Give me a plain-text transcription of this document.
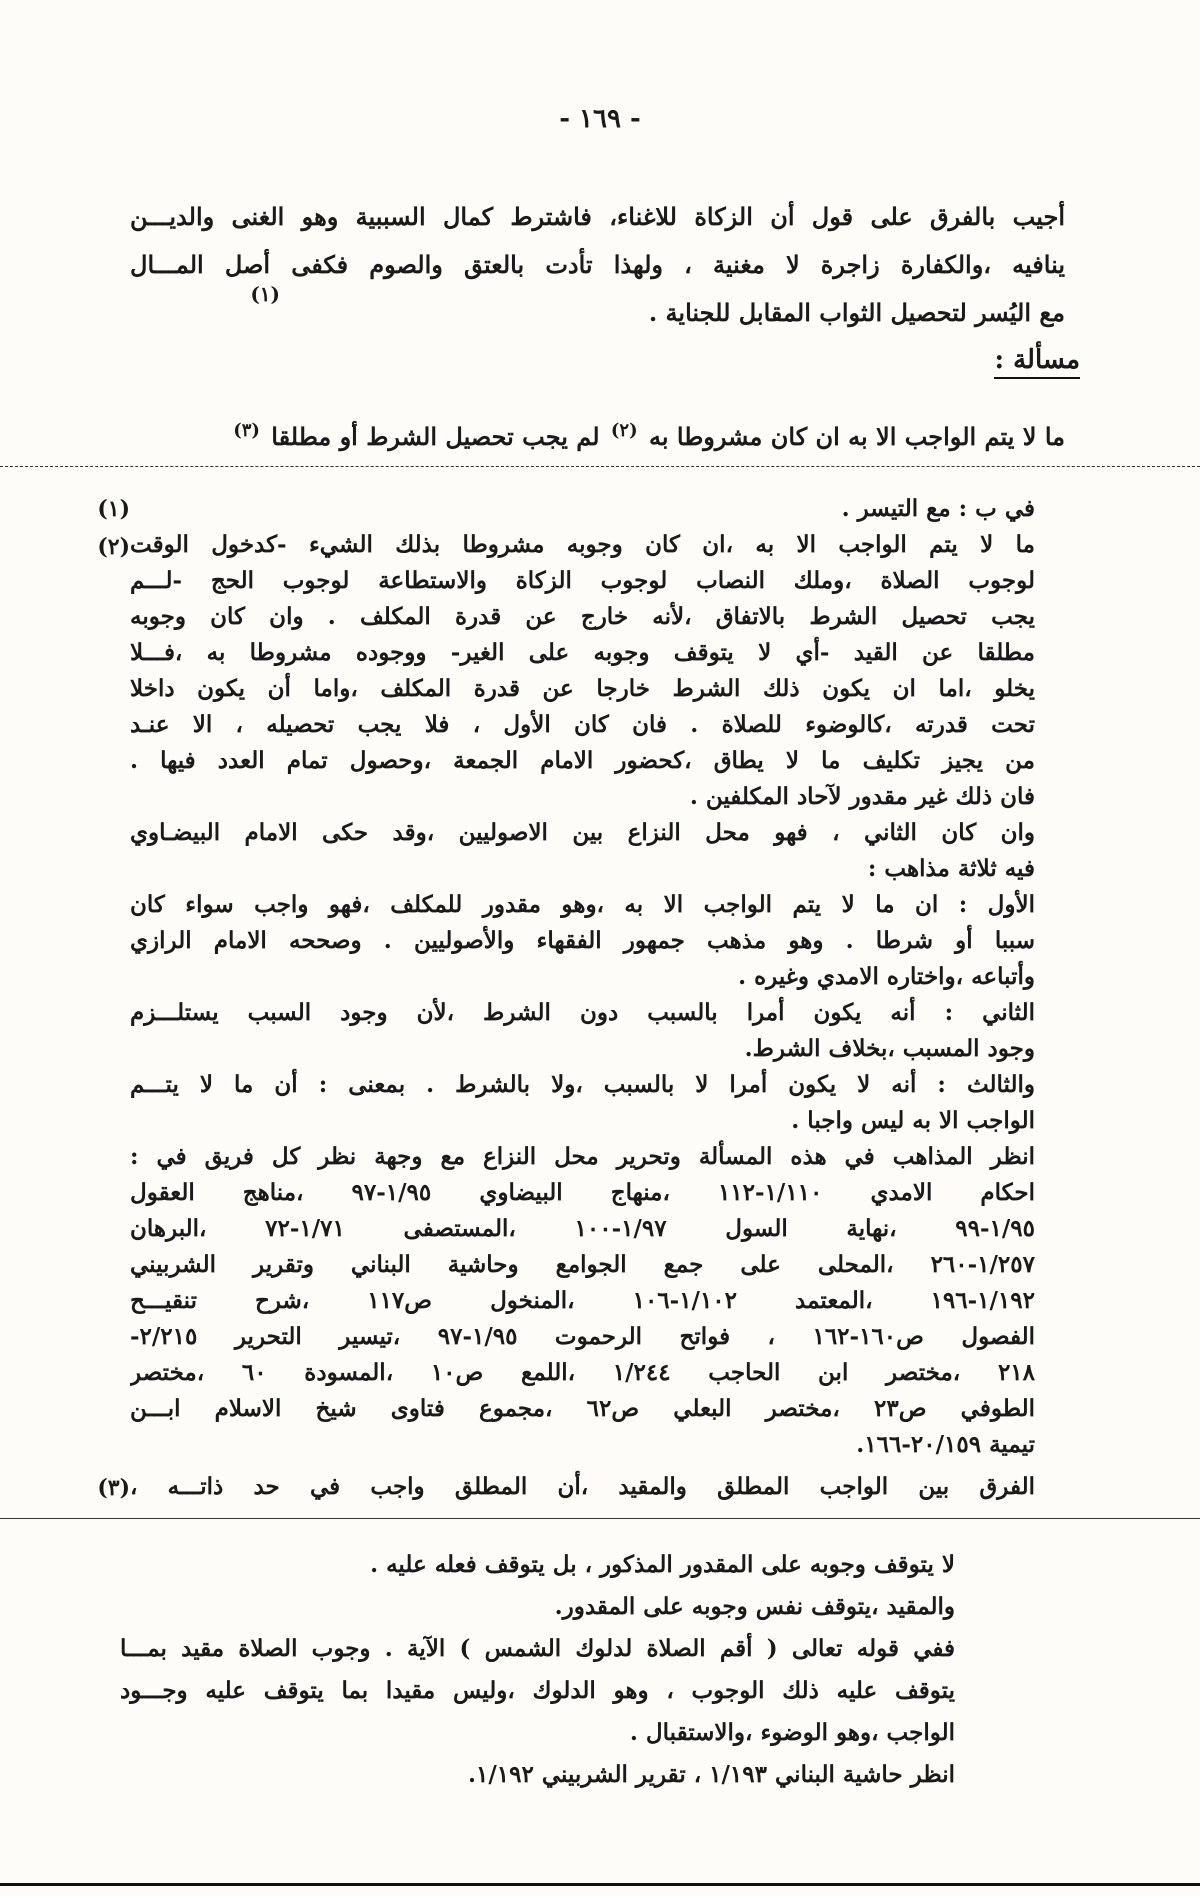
- ١٦٩ -
أجيب بالفرق على قول أن الزكاة للاغناء، فاشترط كمال السببية وهو الغنى والديـــن
ينافيه ،والكفارة زاجرة لا مغنية ، ولهذا تأدت بالعتق والصوم فكفى أصل المـــال
مع اليُسر لتحصيل الثواب المقابل للجناية .
(١)
مسألة :
ما لا يتم الواجب الا به ان كان مشروطا به $^{(٢)}$ لم يجب تحصيل الشرط أو مطلقا $^{(٣)}$
(١)	في ب : مع التيسر .
(٢) ما لا يتم الواجب الا به ،ان كان وجوبه مشروطا بذلك الشيء -كدخول الوقت
لوجوب الصلاة ،وملك النصاب لوجوب الزكاة والاستطاعة لوجوب الحج -لـــم
يجب تحصيل الشرط بالاتفاق ،لأنه خارج عن قدرة المكلف . وان كان وجوبه
مطلقا عن القيد -أي لا يتوقف وجوبه على الغير- ووجوده مشروطا به ،فـــلا
يخلو ،اما ان يكون ذلك الشرط خارجا عن قدرة المكلف ،واما أن يكون داخلا
تحت قدرته ،كالوضوء للصلاة . فان كان الأول ، فلا يجب تحصيله ، الا عنـد
من يجيز تكليف ما لا يطاق ،كحضور الامام الجمعة ،وحصول تمام العدد فيها .
فان ذلك غير مقدور لآحاد المكلفين .
وان كان الثاني ، فهو محل النزاع بين الاصوليين ،وقد حكى الامام البيضـاوي
فيه ثلاثة مذاهب :
الأول : ان ما لا يتم الواجب الا به ،وهو مقدور للمكلف ،فهو واجب سواء كان
سببا أو شرطا . وهو مذهب جمهور الفقهاء والأصوليين . وصححه الامام الرازي
وأتباعه ،واختاره الامدي وغيره .
الثاني : أنه يكون أمرا بالسبب دون الشرط ،لأن وجود السبب يستلـــزم
وجود المسبب ،بخلاف الشرط.
والثالث : أنه لا يكون أمرا لا بالسبب ،ولا بالشرط . بمعنى : أن ما لا يتـــم
الواجب الا به ليس واجبا .
انظر المذاهب في هذه المسألة وتحرير محل النزاع مع وجهة نظر كل فريق في :
احكام الامدي ١/١١٠-١١٢ ،منهاج البيضاوي ١/٩٥-٩٧ ،مناهج العقول
١/٩٥-٩٩ ،نهاية السول ١/٩٧-١٠٠ ،المستصفى ١/٧١-٧٢ ،البرهان
١/٢٥٧-٢٦٠ ،المحلى على جمع الجوامع وحاشية البناني وتقرير الشربيني
١/١٩٢-١٩٦ ،المعتمد ١/١٠٢-١٠٦ ،المنخول ص١١٧ ،شرح تنقيـــح
الفصول ص١٦٠-١٦٢ ، فواتح الرحموت ١/٩٥-٩٧ ،تيسير التحرير ٢/٢١٥-
٢١٨ ،مختصر ابن الحاجب ١/٢٤٤ ،اللمع ص١٠ ،المسودة ٦٠ ،مختصر
الطوفي ص٢٣ ،مختصر البعلي ص٦٢ ،مجموع فتاوى شيخ الاسلام ابـــن
تيمية ٢٠/١٥٩-١٦٦.
(٣) الفرق بين الواجب المطلق والمقيد ،أن المطلق واجب في حد ذاتـــه ،
لا يتوقف وجوبه على المقدور المذكور ، بل يتوقف فعله عليه .
والمقيد ،يتوقف نفس وجوبه على المقدور.
ففي قوله تعالى ( أقم الصلاة لدلوك الشمس ) الآية . وجوب الصلاة مقيد بمـــا
يتوقف عليه ذلك الوجوب ، وهو الدلوك ،وليس مقيدا بما يتوقف عليه وجـــود
الواجب ،وهو الوضوء ،والاستقبال .
انظر حاشية البناني ١/١٩٣ ، تقرير الشربيني ١/١٩٢.
